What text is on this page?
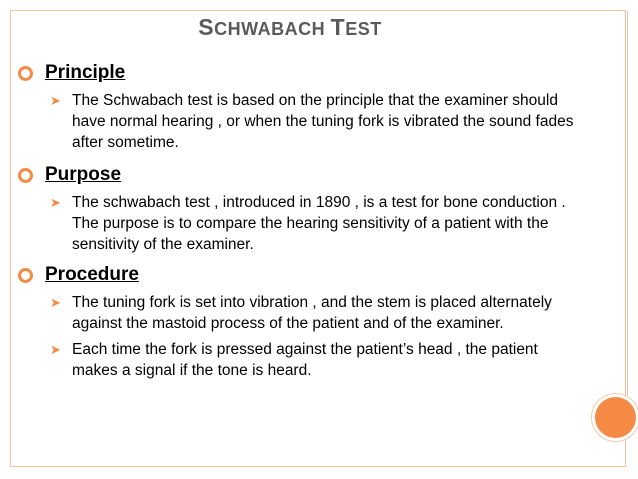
SCHWABACH TEST
Principle
➤ The Schwabach test is based on the principle that the examiner should have normal hearing , or when the tuning fork is vibrated the sound fades after sometime.
Purpose
➤ The schwabach test , introduced in 1890 , is a test for bone conduction . The purpose is to compare the hearing sensitivity of a patient with the sensitivity of the examiner.
Procedure
➤ The tuning fork is set into vibration , and the stem is placed alternately against the mastoid process of the patient and of the examiner.
➤ Each time the fork is pressed against the patient’s head , the patient makes a signal if the tone is heard.
